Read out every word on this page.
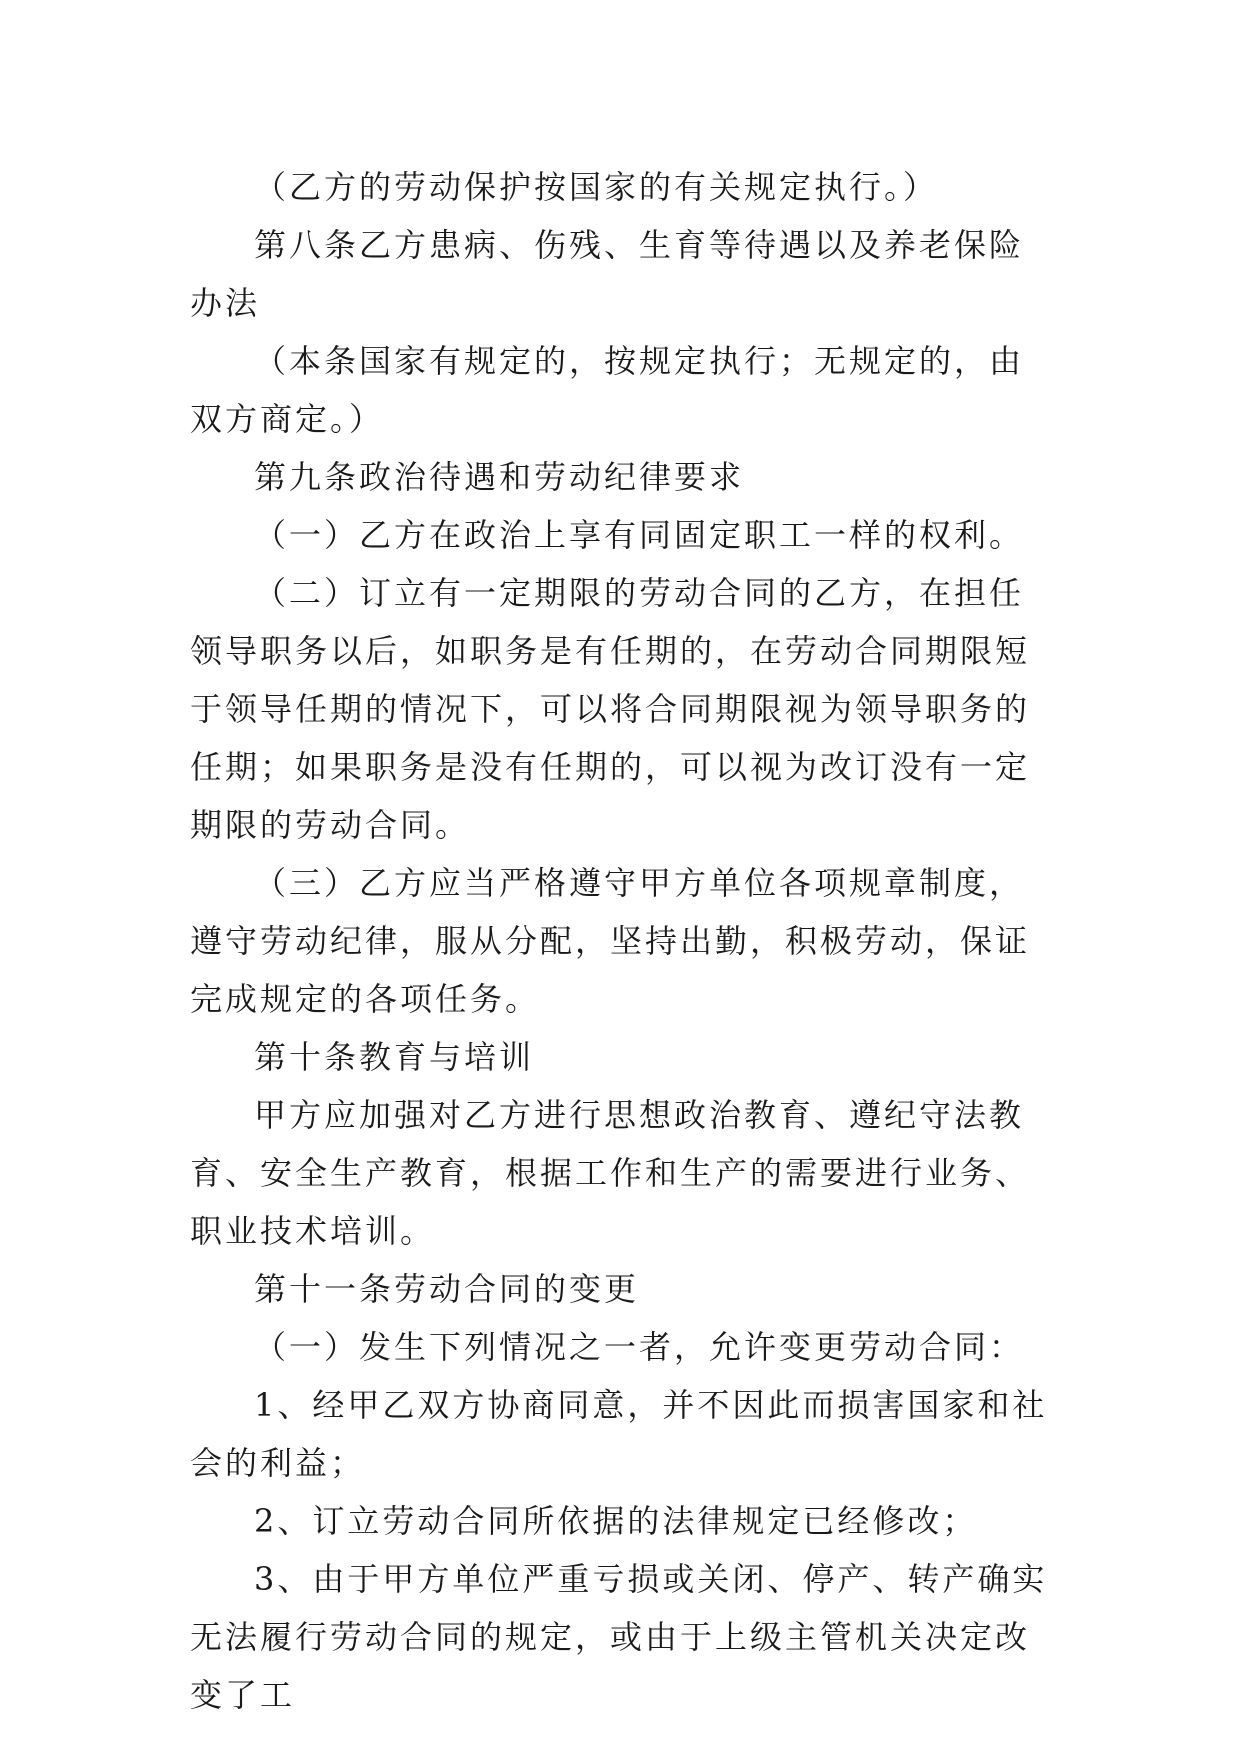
（乙方的劳动保护按国家的有关规定执行。）

第八条乙方患病、伤残、生育等待遇以及养老保险办法

（本条国家有规定的，按规定执行；无规定的，由双方商定。）

第九条政治待遇和劳动纪律要求

（一）乙方在政治上享有同固定职工一样的权利。

（二）订立有一定期限的劳动合同的乙方，在担任领导职务以后，如职务是有任期的，在劳动合同期限短于领导任期的情况下，可以将合同期限视为领导职务的任期；如果职务是没有任期的，可以视为改订没有一定期限的劳动合同。

（三）乙方应当严格遵守甲方单位各项规章制度，遵守劳动纪律，服从分配，坚持出勤，积极劳动，保证完成规定的各项任务。

第十条教育与培训

甲方应加强对乙方进行思想政治教育、遵纪守法教育、安全生产教育，根据工作和生产的需要进行业务、职业技术培训。

第十一条劳动合同的变更

（一）发生下列情况之一者，允许变更劳动合同：

1、经甲乙双方协商同意，并不因此而损害国家和社会的利益；

2、订立劳动合同所依据的法律规定已经修改；

3、由于甲方单位严重亏损或关闭、停产、转产确实无法履行劳动合同的规定，或由于上级主管机关决定改变了工
